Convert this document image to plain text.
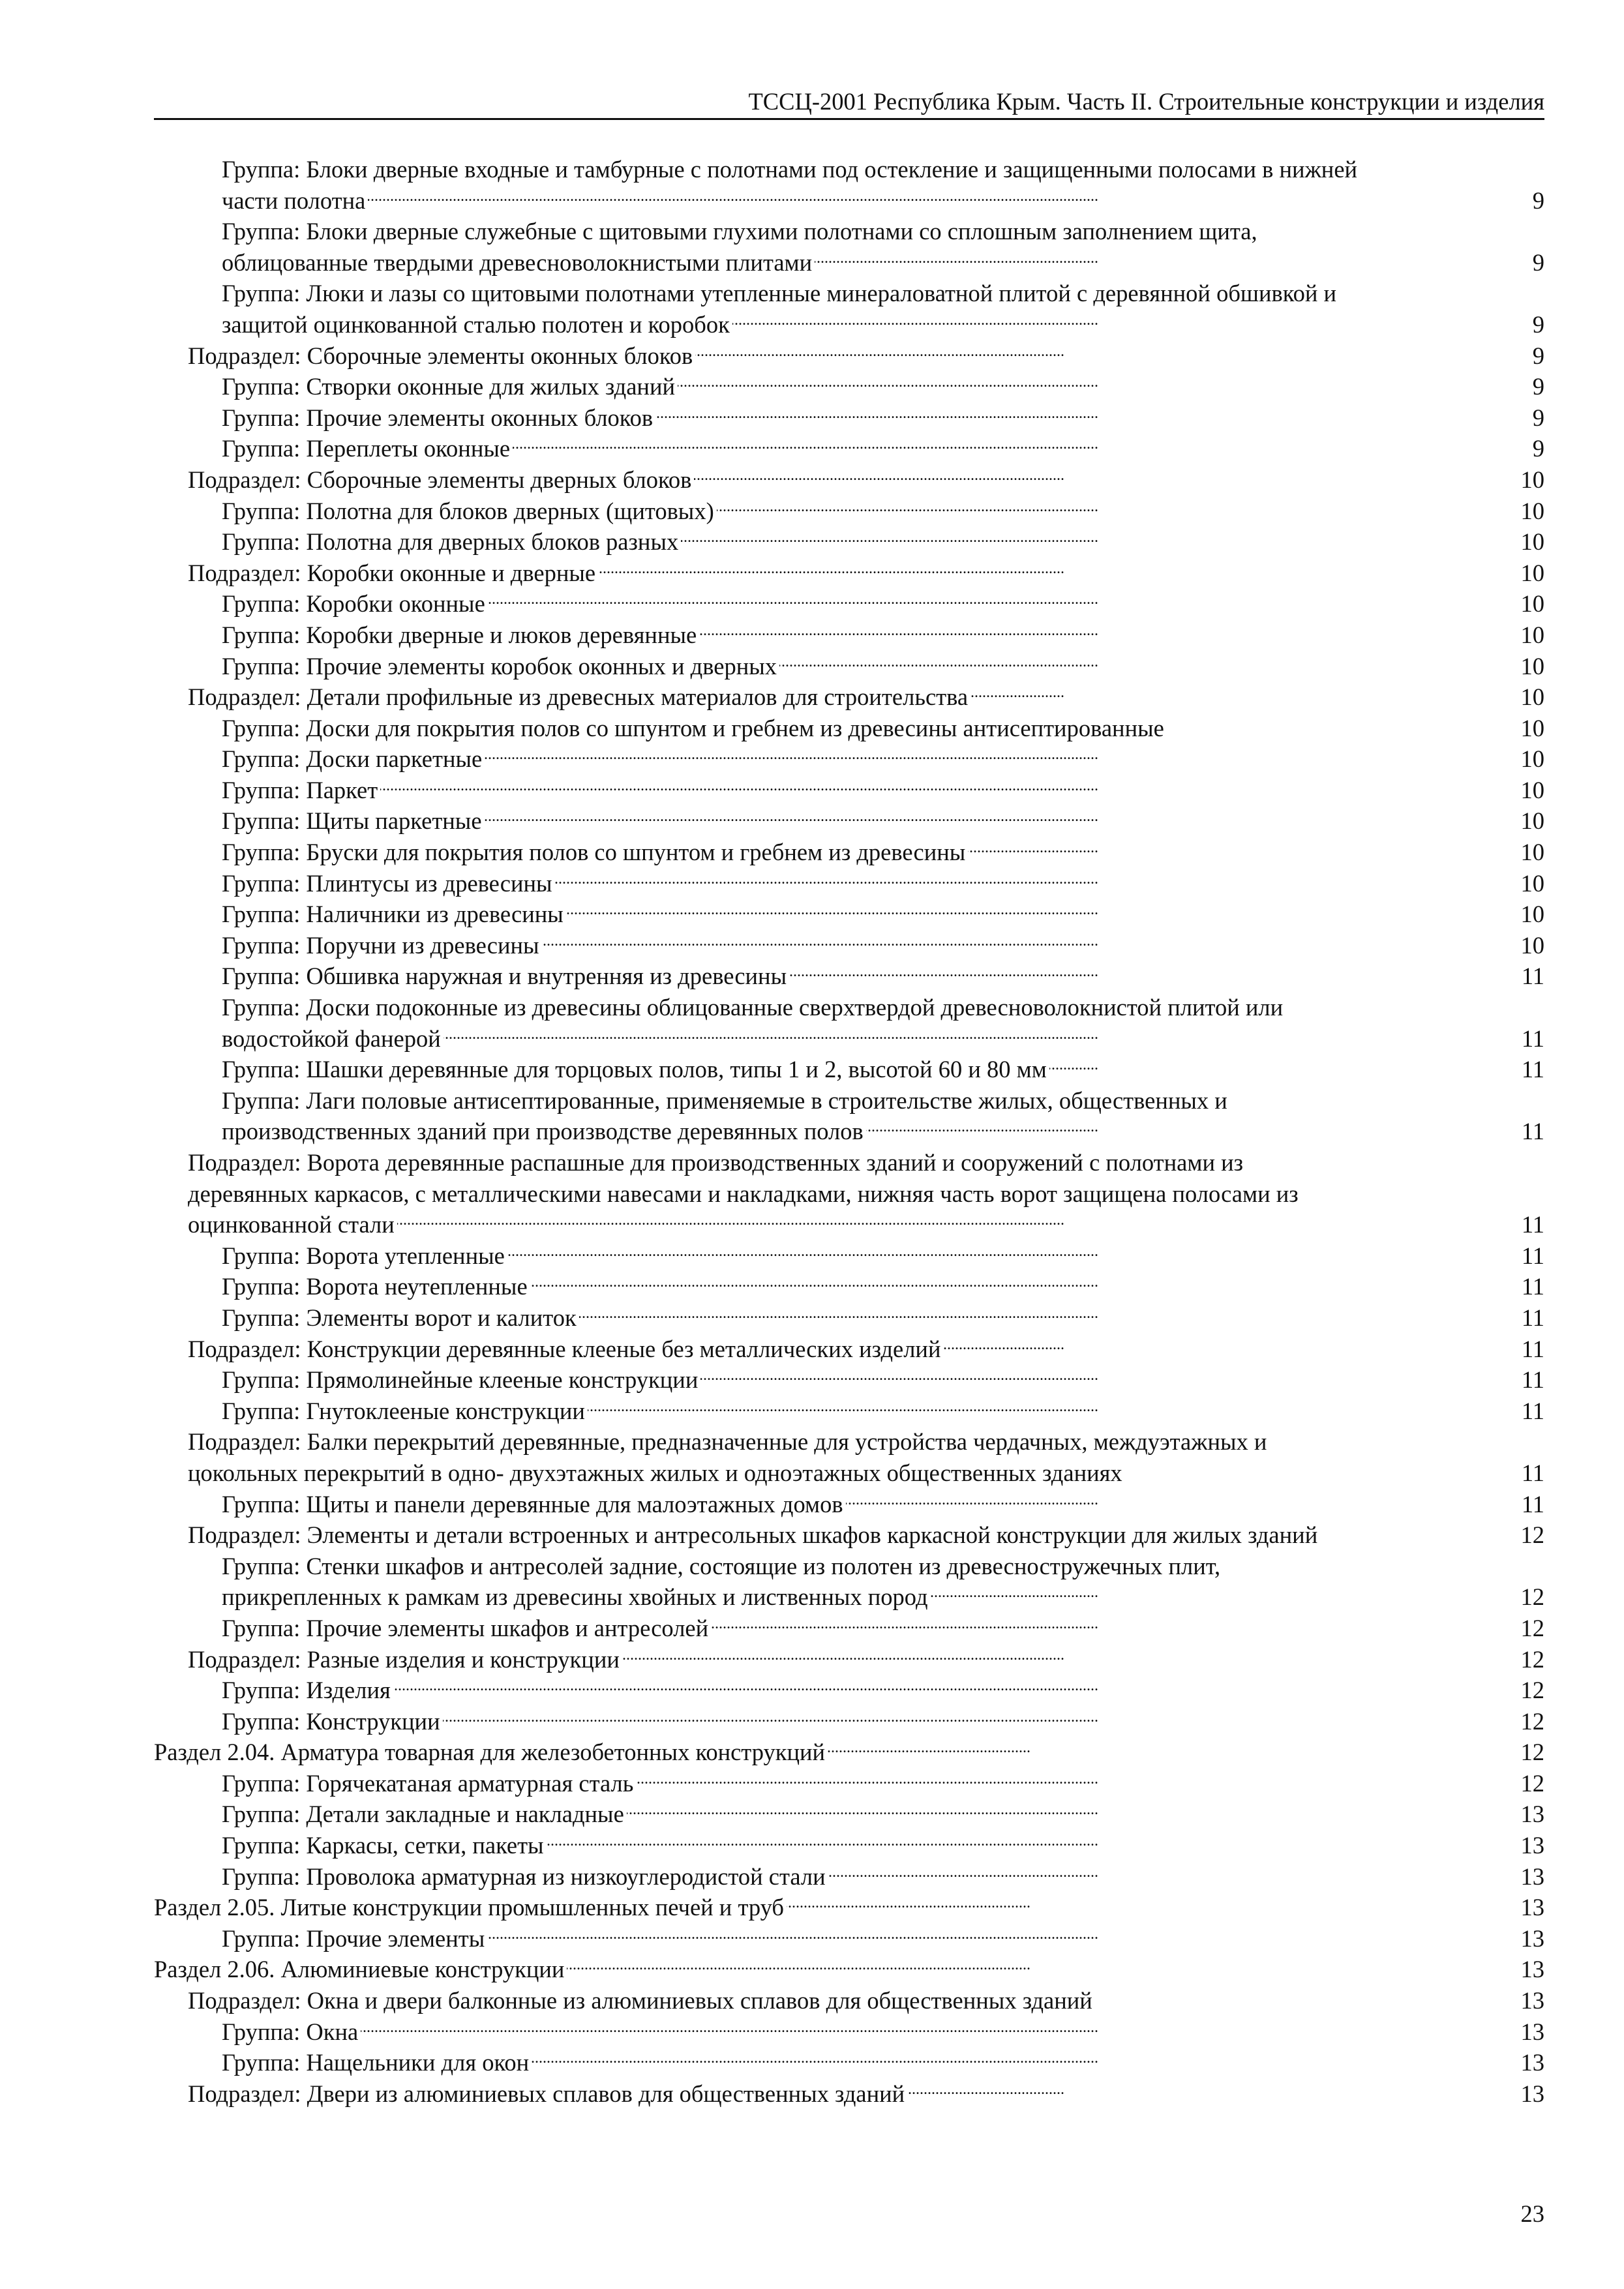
ТССЦ-2001 Республика Крым. Часть II. Строительные конструкции и изделия
Группа: Блоки дверные входные и тамбурные с полотнами под остекление и защищенными полосами в нижней
части полотна	9
. . .
Группа: Блоки дверные служебные с щитовыми глухими полотнами со сплошным заполнением щита,
облицованные твердыми древесноволокнистыми плитами	9
. . .
Группа: Люки и лазы со щитовыми полотнами утепленные минераловатной плитой с деревянной обшивкой и
защитой оцинкованной сталью полотен и коробок	9
. . .
Подраздел: Сборочные элементы оконных блоков	9
. . .
Группа: Створки оконные для жилых зданий	9
. . .
Группа: Прочие элементы оконных блоков	9
. . .
Группа: Переплеты оконные	9
. . .
Подраздел: Сборочные элементы дверных блоков	10
. . .
Группа: Полотна для блоков дверных (щитовых)	10
. . .
Группа: Полотна для дверных блоков разных	10
. . .
Подраздел: Коробки оконные и дверные	10
. . .
Группа: Коробки оконные	10
. . .
Группа: Коробки дверные и люков деревянные	10
. . .
Группа: Прочие элементы коробок оконных и дверных	10
. . .
Подраздел: Детали профильные из древесных материалов для строительства	10
. . .
Группа: Доски для покрытия полов со шпунтом и гребнем из древесины антисептированные	10
. . .
Группа: Доски паркетные	10
. . .
Группа: Паркет	10
. . .
Группа: Щиты паркетные	10
. . .
Группа: Бруски для покрытия полов со шпунтом и гребнем из древесины	10
. . .
Группа: Плинтусы из древесины	10
. . .
Группа: Наличники из древесины	10
. . .
Группа: Поручни из древесины	10
. . .
Группа: Обшивка наружная и внутренняя из древесины	11
. . .
Группа: Доски подоконные из древесины облицованные сверхтвердой древесноволокнистой плитой или
водостойкой фанерой	11
. . .
Группа: Шашки деревянные для торцовых полов, типы 1 и 2, высотой 60 и 80 мм	11
. . .
Группа: Лаги половые антисептированные, применяемые в строительстве жилых, общественных и
производственных зданий при производстве деревянных полов	11
. . .
Подраздел: Ворота деревянные распашные для производственных зданий и сооружений с полотнами из
деревянных каркасов, с металлическими навесами и накладками, нижняя часть ворот защищена полосами из
оцинкованной стали	11
. . .
Группа: Ворота утепленные	11
. . .
Группа: Ворота неутепленные	11
. . .
Группа: Элементы ворот и калиток	11
. . .
Подраздел: Конструкции деревянные клееные без металлических изделий	11
. . .
Группа: Прямолинейные клееные конструкции	11
. . .
Группа: Гнутоклееные конструкции	11
. . .
Подраздел: Балки перекрытий деревянные, предназначенные для устройства чердачных, междуэтажных и
цокольных перекрытий в одно- двухэтажных жилых и одноэтажных общественных зданиях	11
. . .
Группа: Щиты и панели деревянные для малоэтажных домов	11
. . .
Подраздел: Элементы и детали встроенных и антресольных шкафов каркасной конструкции для жилых зданий	12
. . .
Группа: Стенки шкафов и антресолей задние, состоящие из полотен из древесностружечных плит,
прикрепленных к рамкам из древесины хвойных и лиственных пород	12
. . .
Группа: Прочие элементы шкафов и антресолей	12
. . .
Подраздел: Разные изделия и конструкции	12
. . .
Группа: Изделия	12
. . .
Группа: Конструкции	12
. . .
Раздел 2.04. Арматура товарная для железобетонных конструкций	12
. . .
Группа: Горячекатаная арматурная сталь	12
. . .
Группа: Детали закладные и накладные	13
. . .
Группа: Каркасы, сетки, пакеты	13
. . .
Группа: Проволока арматурная из низкоуглеродистой стали	13
. . .
Раздел 2.05. Литые конструкции промышленных печей и труб	13
. . .
Группа: Прочие элементы	13
. . .
Раздел 2.06. Алюминиевые конструкции	13
. . .
Подраздел: Окна и двери балконные из алюминиевых сплавов для общественных зданий	13
. . .
Группа: Окна	13
. . .
Группа: Нащельники для окон	13
. . .
Подраздел: Двери из алюминиевых сплавов для общественных зданий	13
. . .
23
